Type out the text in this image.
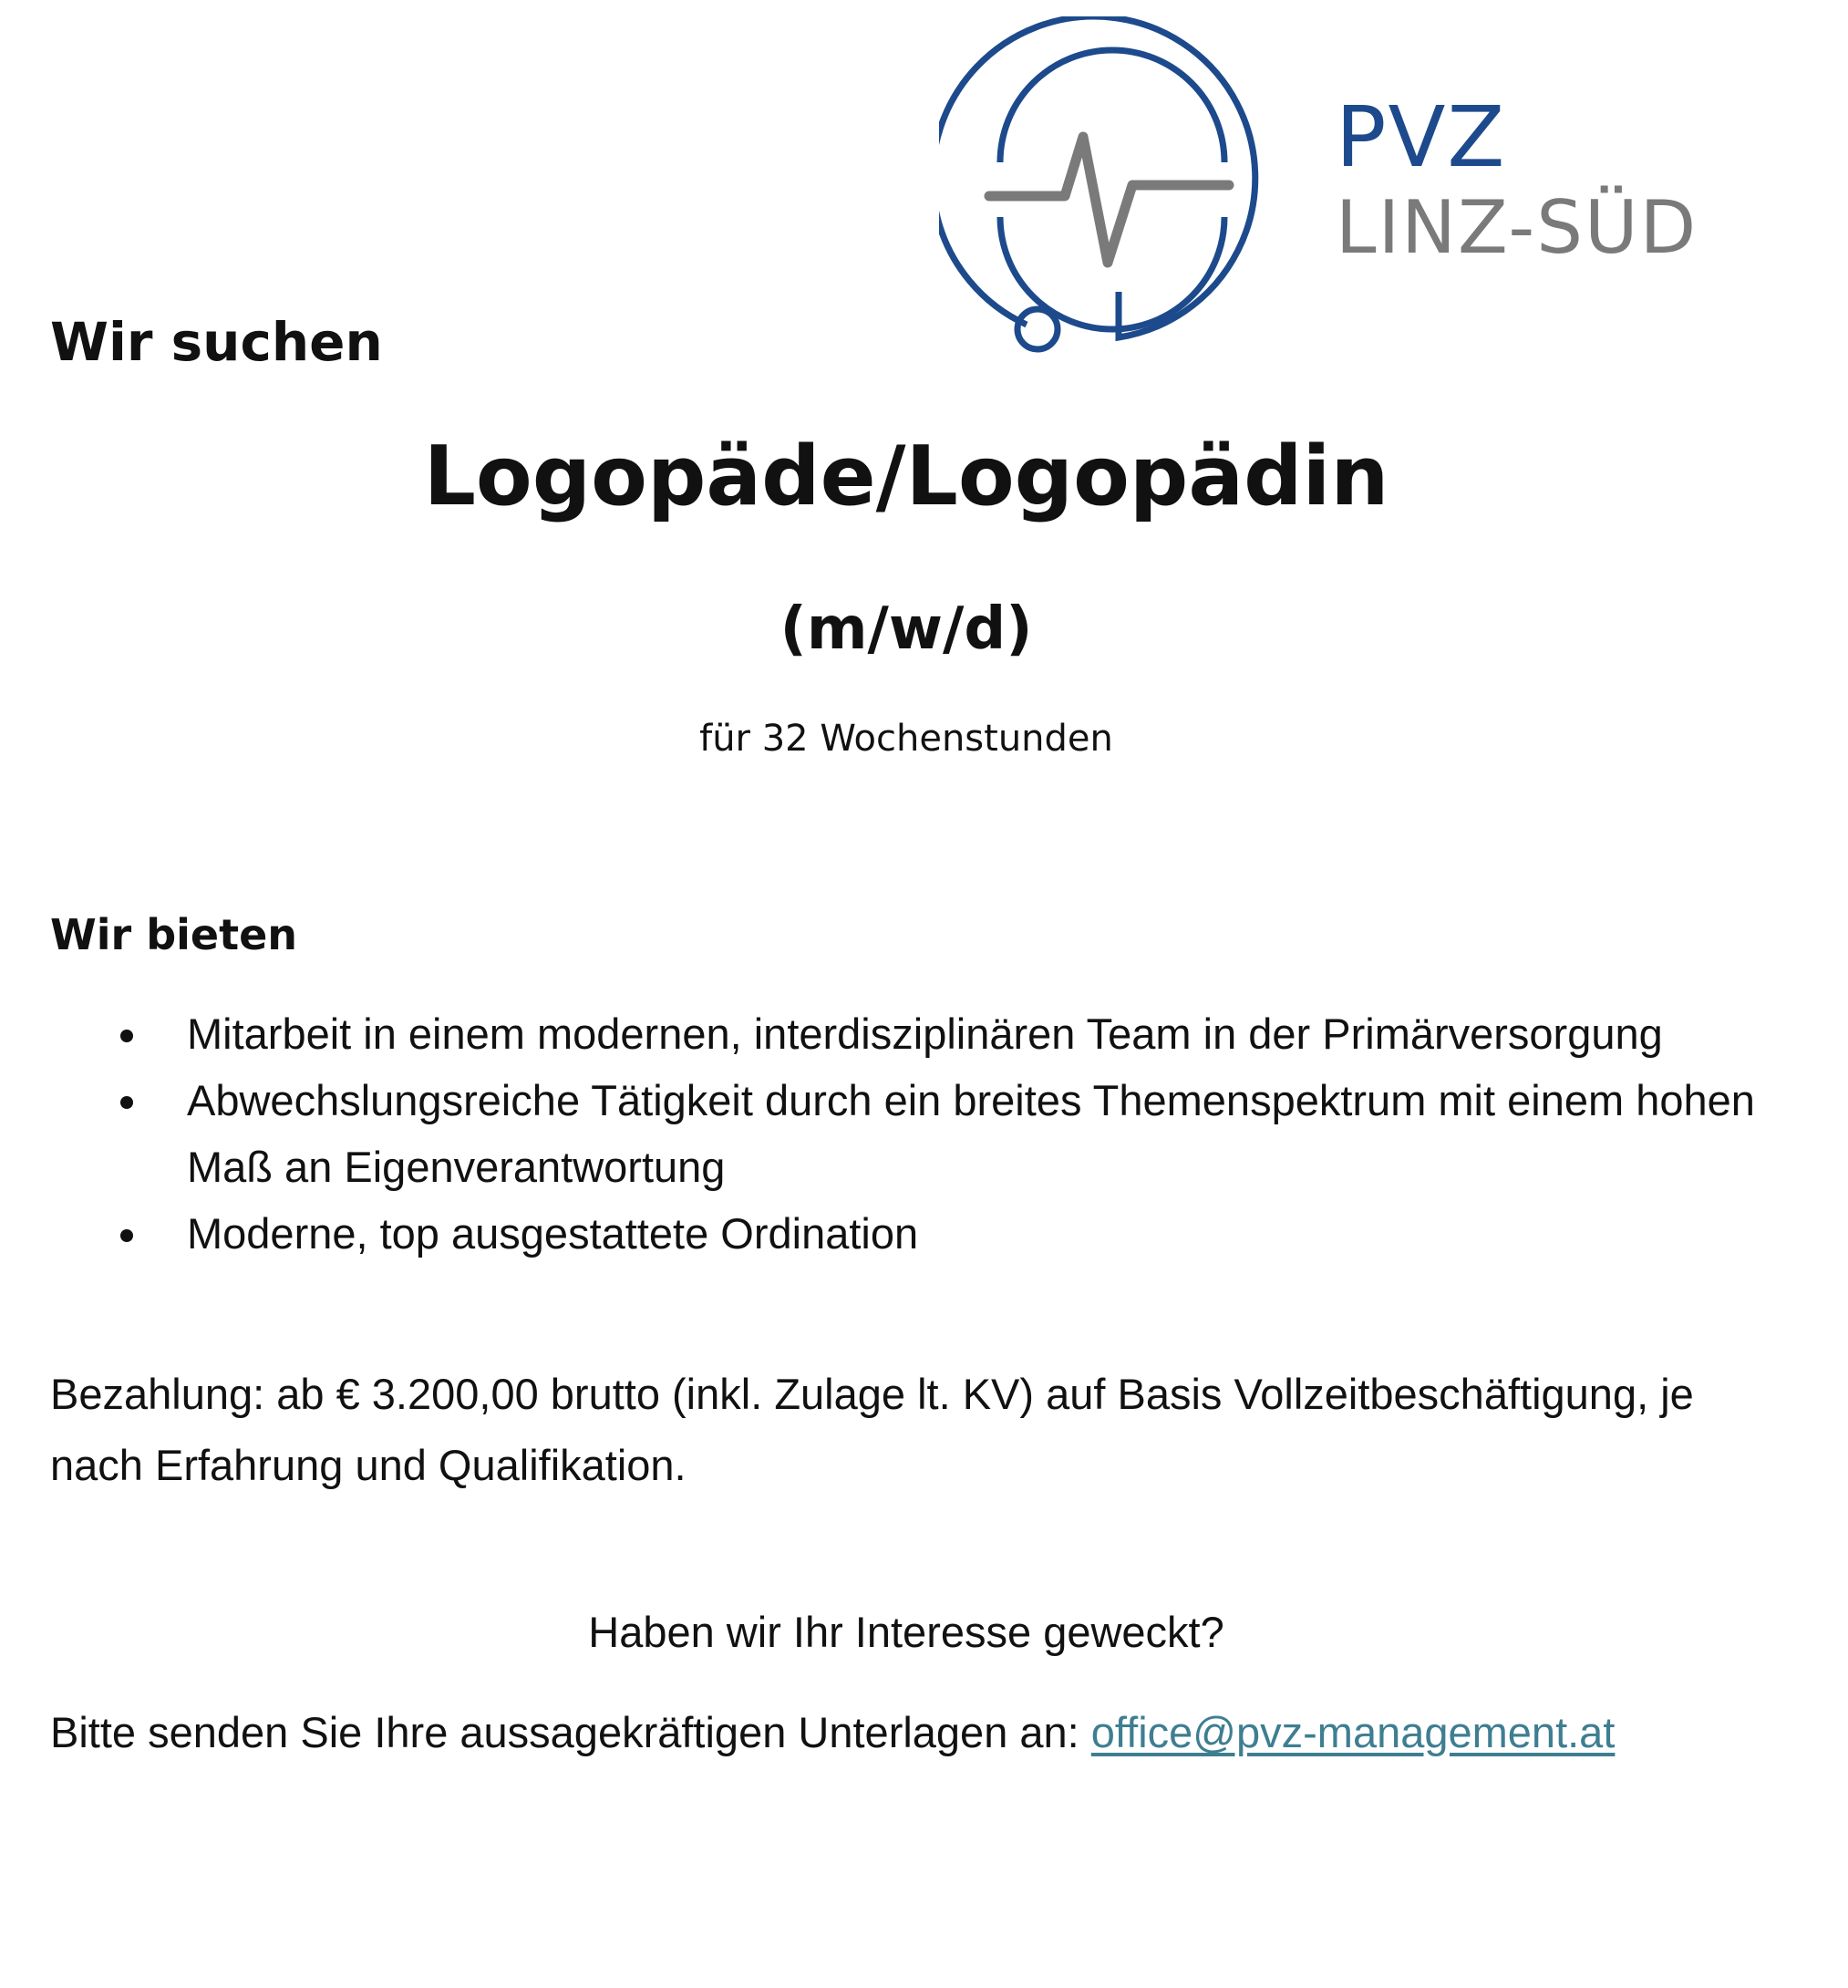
PVZ
LINZ-SÜD
Wir suchen
Logopäde/Logopädin
(m/w/d)
für 32 Wochenstunden
Wir bieten
Mitarbeit in einem modernen, interdisziplinären Team in der Primärversorgung
Abwechslungsreiche Tätigkeit durch ein breites Themenspektrum mit einem hohen Maß an Eigenverantwortung
Moderne, top ausgestattete Ordination

Bezahlung: ab € 3.200,00 brutto (inkl. Zulage lt. KV) auf Basis Vollzeitbeschäftigung, je nach Erfahrung und Qualifikation.

Haben wir Ihr Interesse geweckt?

Bitte senden Sie Ihre aussagekräftigen Unterlagen an: office@pvz-management.at
